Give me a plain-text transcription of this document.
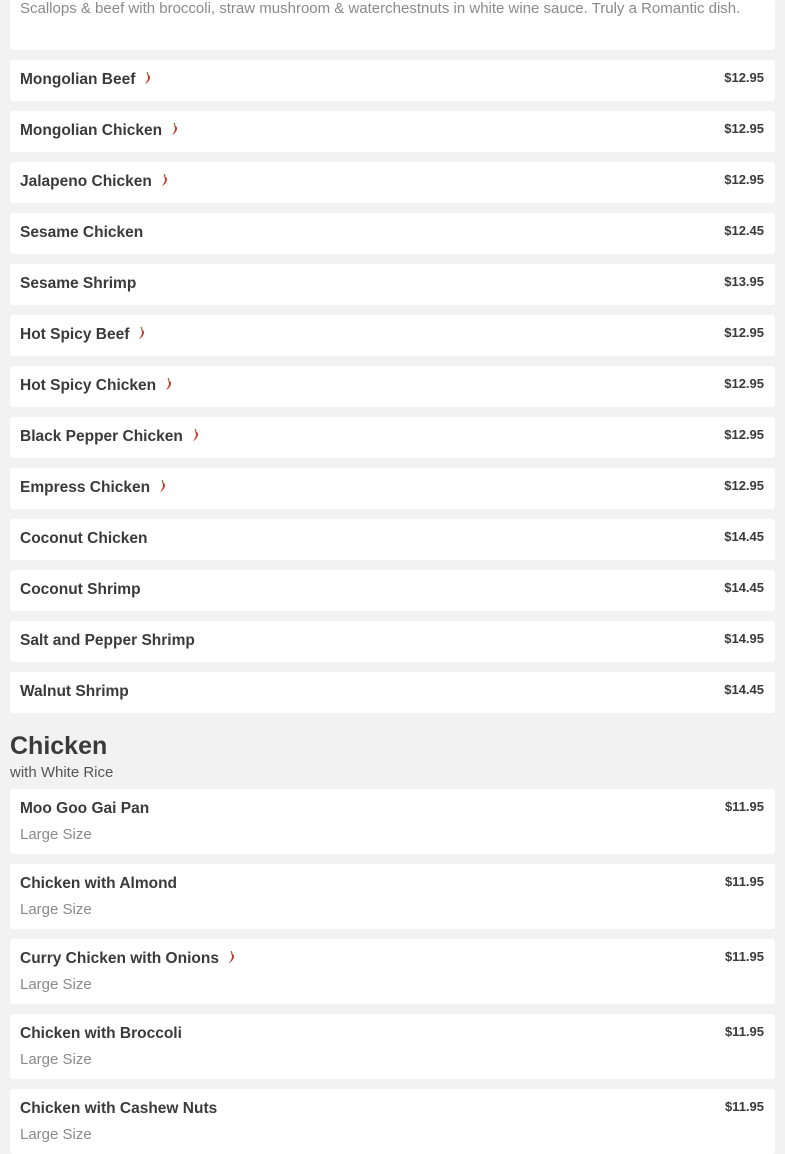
Scallops & beef with broccoli, straw mushroom & waterchestnuts in white wine sauce. Truly a Romantic dish.
Mongolian Beef	$12.95
Mongolian Chicken	$12.95
Jalapeno Chicken	$12.95
Sesame Chicken	$12.45
Sesame Shrimp	$13.95
Hot Spicy Beef	$12.95
Hot Spicy Chicken	$12.95
Black Pepper Chicken	$12.95
Empress Chicken	$12.95
Coconut Chicken	$14.45
Coconut Shrimp	$14.45
Salt and Pepper Shrimp	$14.95
Walnut Shrimp	$14.45
Chicken
with White Rice
Moo Goo Gai Pan	$11.95
Large Size
Chicken with Almond	$11.95
Large Size
Curry Chicken with Onions	$11.95
Large Size
Chicken with Broccoli	$11.95
Large Size
Chicken with Cashew Nuts	$11.95
Large Size
